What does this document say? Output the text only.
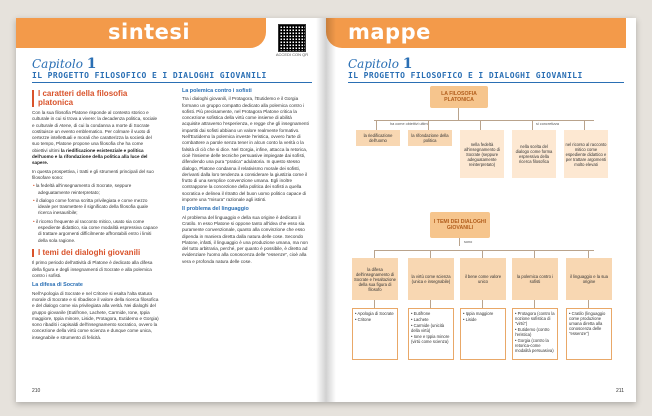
sintesi
ACCEDI CON QR
Capitolo 1
IL PROGETTO FILOSOFICO E I DIALOGHI GIOVANILI
I caratteri della filosofia platonica

Con la sua filosofia Platone risponde al contesto storico e culturale in cui si trova a vivere: la decadenza politica, sociale e culturale di Atene, di cui la condanna a morte di Socrate costituisce un evento emblematico. Per colmare il vuoto di certezze intellettuali e morali che caratterizza la società del suo tempo, Platone propone una filosofia che ha come obiettivi ultimi la riedificazione esistenziale e politica dell'uomo e la rifondazione della politica alla luce del sapere.

In questa prospettiva, i tratti e gli strumenti principali del suo filosofare sono:

• la fedeltà all'insegnamento di Socrate, seppure adeguatamente reinterpretato;

• il dialogo come forma scritta privilegiata e come mezzo ideale per trasmettere il significato della filosofia quale ricerca inesauribile;

• il ricorso frequente al racconto mitico, usato sia come espediente didattico, sia come modalità espressiva capace di trattare argomenti difficilmente affrontabili entro i limiti della sola ragione.

I temi dei dialoghi giovanili

Il primo periodo dell'attività di Platone è dedicato alla difesa della figura e degli insegnamenti di Socrate e alla polemica contro i sofisti.

La difesa di Socrate

Nell'Apologia di Socrate e nel Critone si esalta l'alta statura morale di Socrate e si ribadisce il valore della ricerca filosofica e del dialogo come via privilegiata alla verità. Nei dialoghi del gruppo giovanile (Eutifrone, Lachete, Carmide, Ione, Ippia maggiore, Ippia minore, Liside, Protagora, Eutidemo e Gorgia) sono ribaditi i capisaldi dell'insegnamento socratico, ovvero la concezione della virtù come scienza e dunque come unica, insegnabile e strumento di felicità.

La polemica contro i sofisti

Tra i dialoghi giovanili, il Protagora, l'Eutidemo e il Gorgia formano un gruppo compatto dedicato alla polemica contro i sofisti. Più precisamente, nel Protagora Platone critica la concezione sofistica della virtù come insieme di abilità acquisite attraverso l'esperienza, e regge che gli insegnamenti impartiti dai sofisti abbiano un valore realmente formativo. Nell'Eutidemo la polemica investe l'eristica, ovvero l'arte di combattere a parole senza tener in alcun conto la verità o la falsità di ciò che si dice. Nel Gorgia, infine, attacca la retorica, cioè l'insieme delle tecniche persuasive impiegate dai sofisti, difendendo una pura "pratica" adulatoria. In questo stesso dialogo, Platone condanna il relativismo morale dei sofisti, derivanti dalla loro tendenza a considerare la giustizia come il frutto di una semplice convenzione umana. Egli inoltre contrappone la concezione della politica dei sofisti a quella socratica e delinea il ritratto del buon uomo politico capace di imporre una "misura" razionale agli istinti.

Il problema del linguaggio

Al problema del linguaggio e della sua origine è dedicato il Cratilo. In esso Platone si oppone tanto all'idea che esso sia puramente convenzionale, quanto alla convinzione che esso dipenda in maniera diretta dalla natura delle cose. Secondo Platone, infatti, il linguaggio è una produzione umana, ma non del tutto arbitraria, perché, per quanto è possibile, è diretto ad evidenziare l'uomo alla conoscenza delle "essenze", cioè alla vera e profonda natura delle cose.

210
mappe
Capitolo 1
IL PROGETTO FILOSOFICO E I DIALOGHI GIOVANILI
LA FILOSOFIA PLATONICA
ha come obiettivi ultimi	si concretizza
la riedificazione dell'uomo
la rifondazione della politica
nella fedeltà all'insegnamento di Socrate (seppure adeguatamente reinterpretato)
nella scelta del dialogo come forma espressiva della ricerca filosofica
nel ricorso al racconto mitico come espediente didattico e per trattare argomenti molto elevati
I TEMI DEI DIALOGHI GIOVANILI
sono
la difesa dell'insegnamento di Socrate e l'esaltazione della sua figura di filosofo
• Apologia di Socrate
• Critone
la virtù come scienza (unica e insegnabile)
• Eutifrone
• Lachete
• Carmide (unicità della virtù)
• Ione e Ippia minore (virtù come scienza)
il bene come valore unico
• Ippia maggiore
• Liside
la polemica contro i sofisti
• Protagora (contro la nozione sofistica di "virtù")
• Eutidemo (contro l'eristica)
• Gorgia (contro la retorica-come modalità persuasiva)
il linguaggio e la sua origine
• Cratilo (linguaggio come produzione umana diretta alla conoscenza delle "essenze")
211
